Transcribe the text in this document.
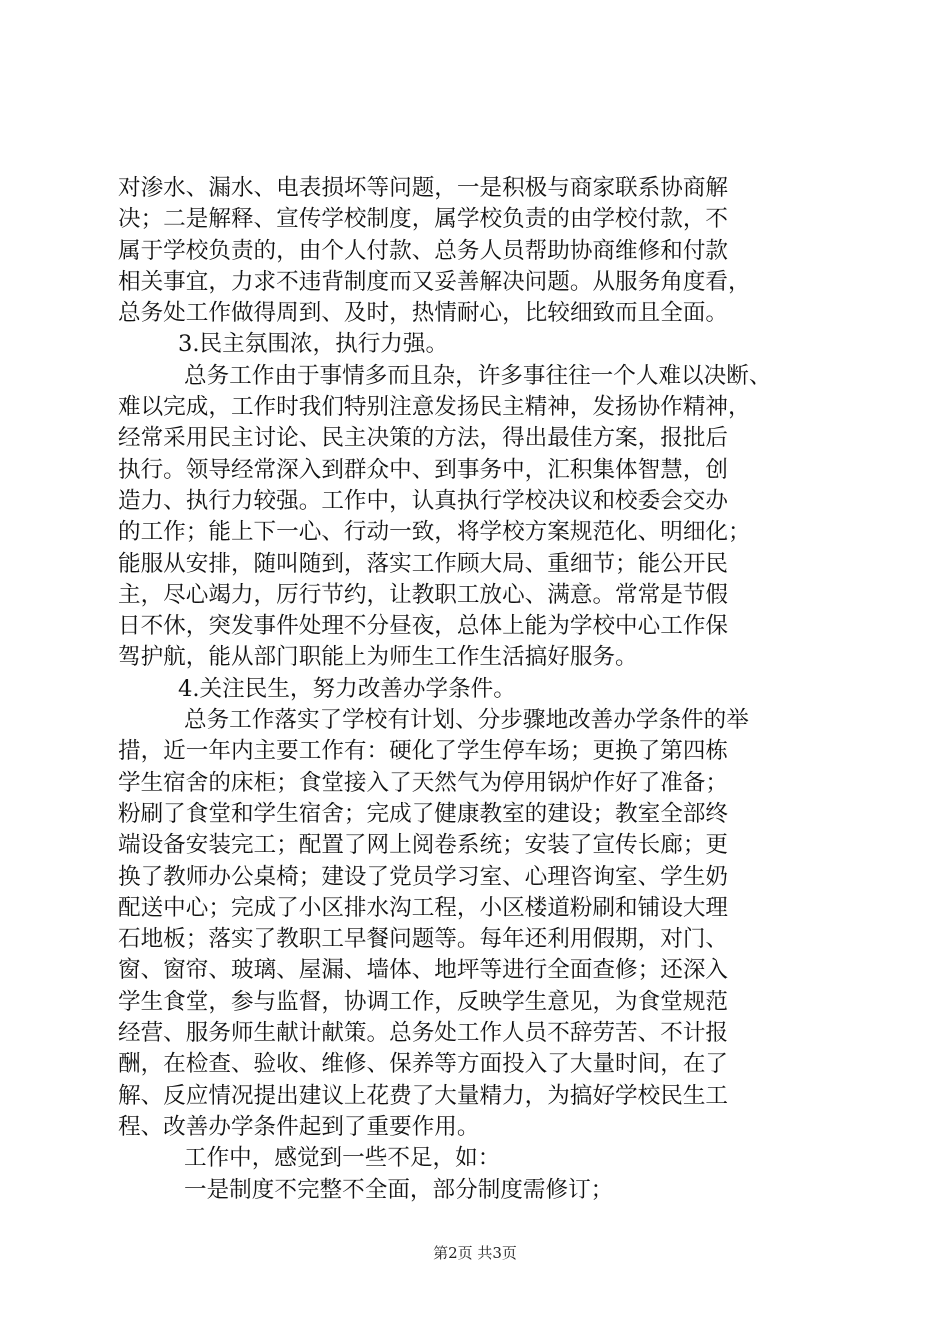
对渗水、漏水、电表损坏等问题，一是积极与商家联系协商解
决；二是解释、宣传学校制度，属学校负责的由学校付款，不
属于学校负责的，由个人付款、总务人员帮助协商维修和付款
相关事宜，力求不违背制度而又妥善解决问题。从服务角度看，
总务处工作做得周到、及时，热情耐心，比较细致而且全面。
3.民主氛围浓，执行力强。
总务工作由于事情多而且杂，许多事往往一个人难以决断、
难以完成，工作时我们特别注意发扬民主精神，发扬协作精神，
经常采用民主讨论、民主决策的方法，得出最佳方案，报批后
执行。领导经常深入到群众中、到事务中，汇积集体智慧，创
造力、执行力较强。工作中，认真执行学校决议和校委会交办
的工作；能上下一心、行动一致，将学校方案规范化、明细化；
能服从安排，随叫随到，落实工作顾大局、重细节；能公开民
主，尽心竭力，厉行节约，让教职工放心、满意。常常是节假
日不休，突发事件处理不分昼夜，总体上能为学校中心工作保
驾护航，能从部门职能上为师生工作生活搞好服务。
4.关注民生，努力改善办学条件。
总务工作落实了学校有计划、分步骤地改善办学条件的举
措，近一年内主要工作有：硬化了学生停车场；更换了第四栋
学生宿舍的床柜；食堂接入了天然气为停用锅炉作好了准备；
粉刷了食堂和学生宿舍；完成了健康教室的建设；教室全部终
端设备安装完工；配置了网上阅卷系统；安装了宣传长廊；更
换了教师办公桌椅；建设了党员学习室、心理咨询室、学生奶
配送中心；完成了小区排水沟工程，小区楼道粉刷和铺设大理
石地板；落实了教职工早餐问题等。每年还利用假期，对门、
窗、窗帘、玻璃、屋漏、墙体、地坪等进行全面查修；还深入
学生食堂，参与监督，协调工作，反映学生意见，为食堂规范
经营、服务师生献计献策。总务处工作人员不辞劳苦、不计报
酬，在检查、验收、维修、保养等方面投入了大量时间，在了
解、反应情况提出建议上花费了大量精力，为搞好学校民生工
程、改善办学条件起到了重要作用。
工作中，感觉到一些不足，如：
一是制度不完整不全面，部分制度需修订；
第2页 共3页
